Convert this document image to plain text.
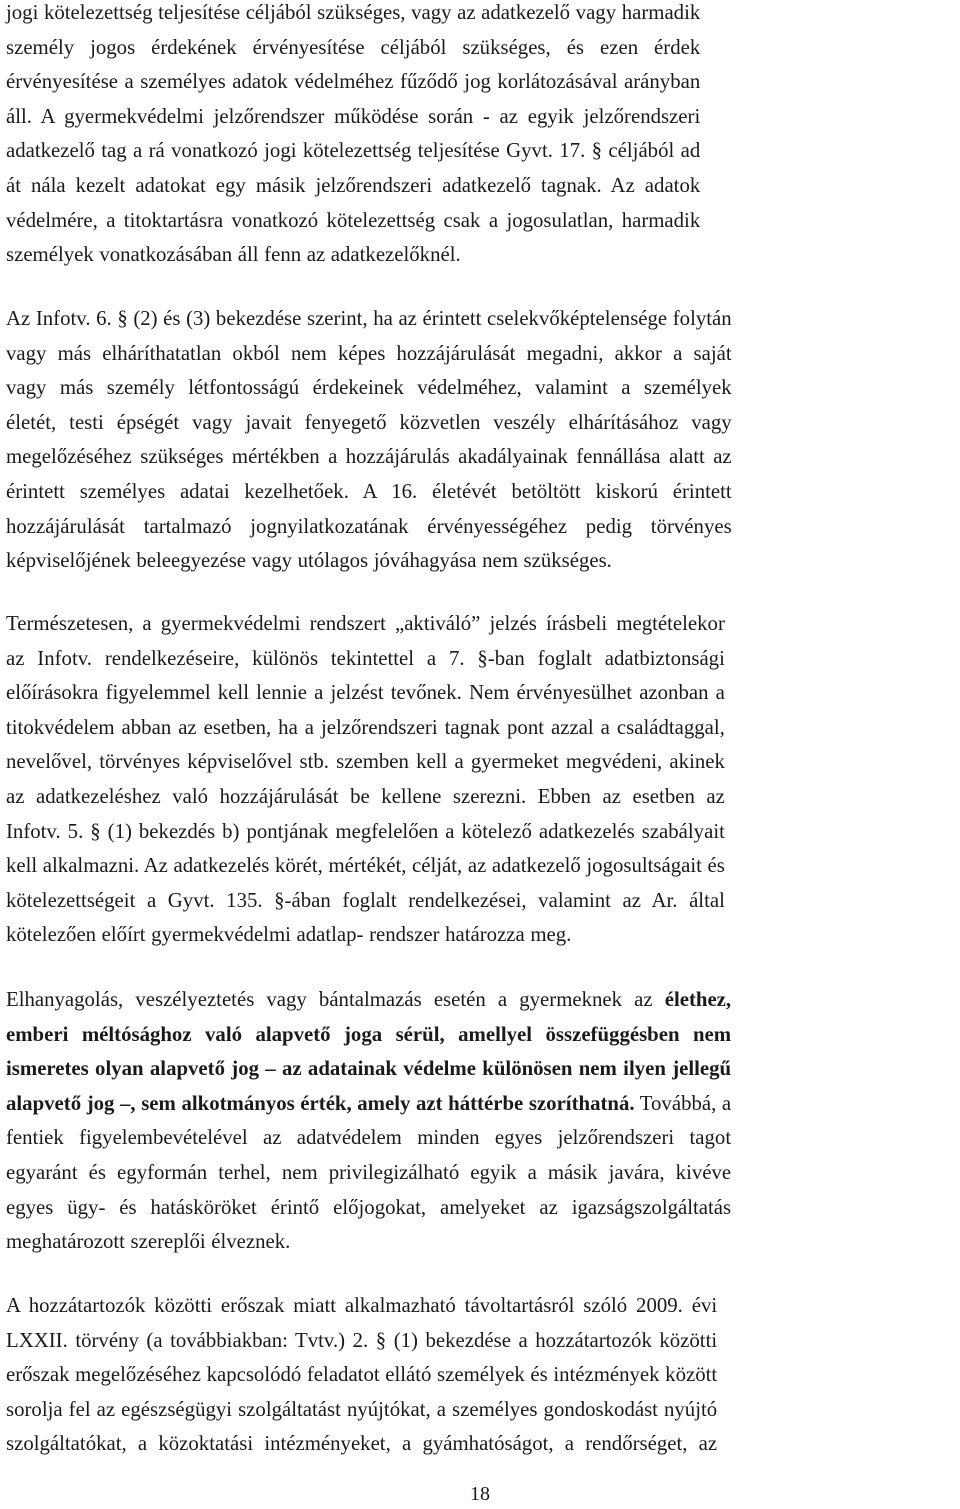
jogi kötelezettség teljesítése céljából szükséges, vagy az adatkezelő vagy harmadik
személy jogos érdekének érvényesítése céljából szükséges, és ezen érdek
érvényesítése a személyes adatok védelméhez fűződő jog korlátozásával arányban
áll. A gyermekvédelmi jelzőrendszer működése során - az egyik jelzőrendszeri
adatkezelő tag a rá vonatkozó jogi kötelezettség teljesítése Gyvt. 17. § céljából ad
át nála kezelt adatokat egy másik jelzőrendszeri adatkezelő tagnak. Az adatok
védelmére, a titoktartásra vonatkozó kötelezettség csak a jogosulatlan, harmadik
személyek vonatkozásában áll fenn az adatkezelőknél.
Az Infotv. 6. § (2) és (3) bekezdése szerint, ha az érintett cselekvőképtelensége folytán
vagy más elháríthatatlan okból nem képes hozzájárulását megadni, akkor a saját
vagy más személy létfontosságú érdekeinek védelméhez, valamint a személyek
életét, testi épségét vagy javait fenyegető közvetlen veszély elhárításához vagy
megelőzéséhez szükséges mértékben a hozzájárulás akadályainak fennállása alatt az
érintett személyes adatai kezelhetőek. A 16. életévét betöltött kiskorú érintett
hozzájárulását tartalmazó jognyilatkozatának érvényességéhez pedig törvényes
képviselőjének beleegyezése vagy utólagos jóváhagyása nem szükséges.
Természetesen, a gyermekvédelmi rendszert „aktiváló” jelzés írásbeli megtételekor
az Infotv. rendelkezéseire, különös tekintettel a 7. §-ban foglalt adatbiztonsági
előírásokra figyelemmel kell lennie a jelzést tevőnek. Nem érvényesülhet azonban a
titokvédelem abban az esetben, ha a jelzőrendszeri tagnak pont azzal a családtaggal,
nevelővel, törvényes képviselővel stb. szemben kell a gyermeket megvédeni, akinek
az adatkezeléshez való hozzájárulását be kellene szerezni. Ebben az esetben az
Infotv. 5. § (1) bekezdés b) pontjának megfelelően a kötelező adatkezelés szabályait
kell alkalmazni. Az adatkezelés körét, mértékét, célját, az adatkezelő jogosultságait és
kötelezettségeit a Gyvt. 135. §-ában foglalt rendelkezései, valamint az Ar. által
kötelezően előírt gyermekvédelmi adatlap- rendszer határozza meg.
Elhanyagolás, veszélyeztetés vagy bántalmazás esetén a gyermeknek az élethez,
emberi méltósághoz való alapvető joga sérül, amellyel összefüggésben nem
ismeretes olyan alapvető jog – az adatainak védelme különösen nem ilyen jellegű
alapvető jog –, sem alkotmányos érték, amely azt háttérbe szoríthatná. Továbbá, a
fentiek figyelembevételével az adatvédelem minden egyes jelzőrendszeri tagot
egyaránt és egyformán terhel, nem privilegizálható egyik a másik javára, kivéve
egyes ügy- és hatásköröket érintő előjogokat, amelyeket az igazságszolgáltatás
meghatározott szereplői élveznek.
A hozzátartozók közötti erőszak miatt alkalmazható távoltartásról szóló 2009. évi
LXXII. törvény (a továbbiakban: Tvtv.) 2. § (1) bekezdése a hozzátartozók közötti
erőszak megelőzéséhez kapcsolódó feladatot ellátó személyek és intézmények között
sorolja fel az egészségügyi szolgáltatást nyújtókat, a személyes gondoskodást nyújtó
szolgáltatókat, a közoktatási intézményeket, a gyámhatóságot, a rendőrséget, az
18
